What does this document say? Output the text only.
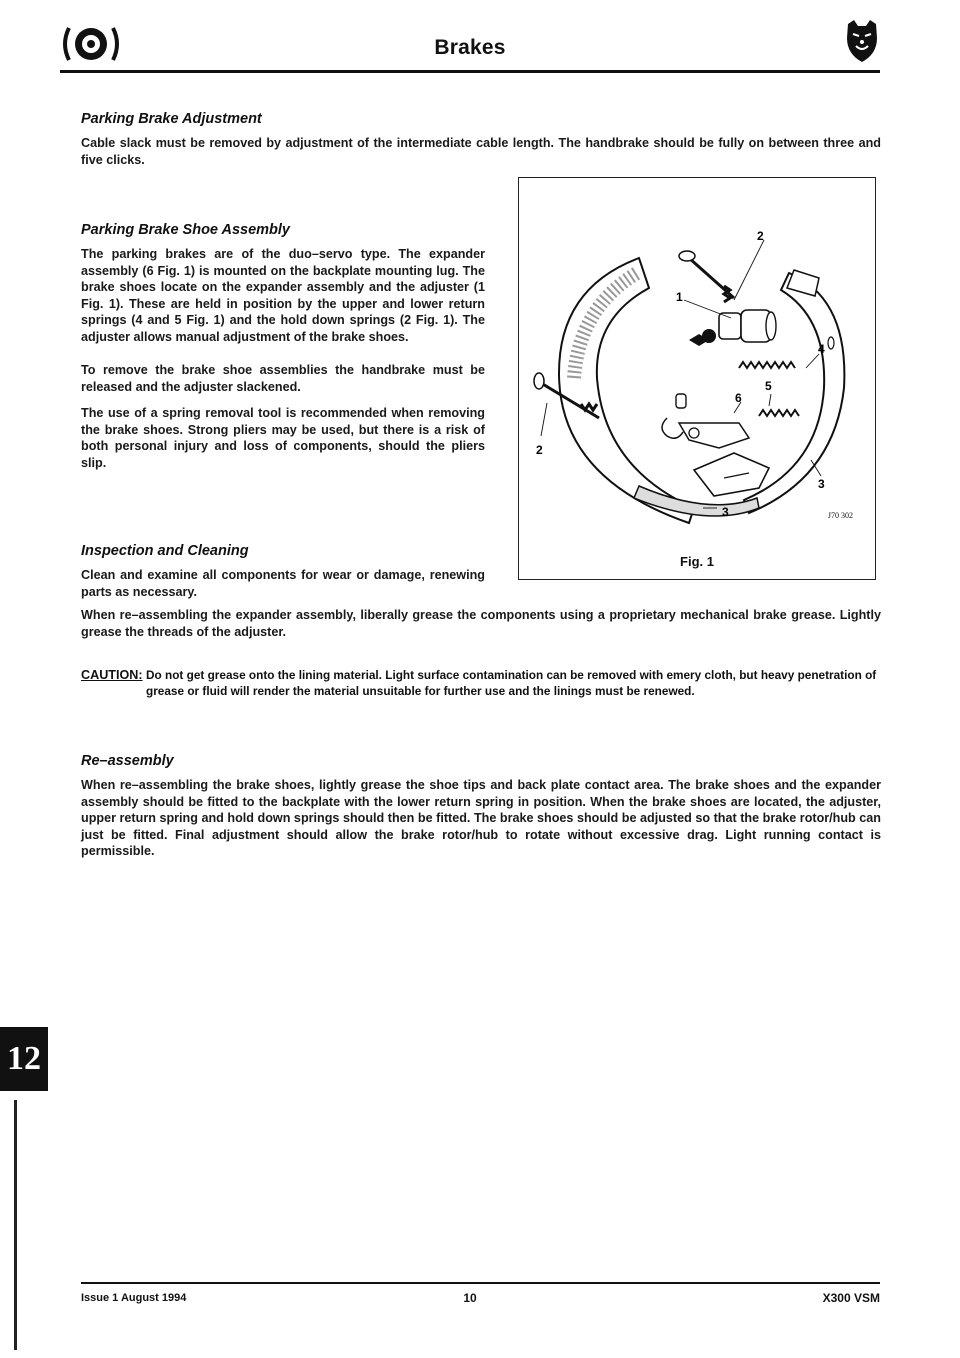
Brakes
Parking Brake Adjustment

Cable slack must be removed by adjustment of the intermediate cable length. The handbrake should be fully on between three and five clicks.

Parking Brake Shoe Assembly

The parking brakes are of the duo–servo type. The expander assembly (6 Fig. 1) is mounted on the backplate mounting lug. The brake shoes locate on the expander assembly and the adjuster (1 Fig. 1). These are held in position by the upper and lower return springs (4 and 5 Fig. 1) and the hold down springs (2 Fig. 1). The adjuster allows manual adjustment of the brake shoes.

To remove the brake shoe assemblies the handbrake must be released and the adjuster slackened.

The use of a spring removal tool is recommended when removing the brake shoes. Strong pliers may be used, but there is a risk of both personal injury and loss of components, should the pliers slip.

2
1
4
5
6
2
3
3	J70 302
Fig. 1
Inspection and Cleaning

Clean and examine all components for wear or damage, renewing parts as necessary.

When re–assembling the expander assembly, liberally grease the components using a proprietary mechanical brake grease. Lightly grease the threads of the adjuster.

CAUTION: Do not get grease onto the lining material. Light surface contamination can be removed with emery cloth, but heavy penetration of grease or fluid will render the material unsuitable for further use and the linings must be renewed.
Re–assembly

When re–assembling the brake shoes, lightly grease the shoe tips and back plate contact area. The brake shoes and the expander assembly should be fitted to the backplate with the lower return spring in position. When the brake shoes are located, the adjuster, upper return spring and hold down springs should then be fitted. The brake shoes should be adjusted so that the brake rotor/hub can just be fitted. Final adjustment should allow the brake rotor/hub to rotate without excessive drag. Light running contact is permissible.

12
Issue 1 August 1994	10	X300 VSM
